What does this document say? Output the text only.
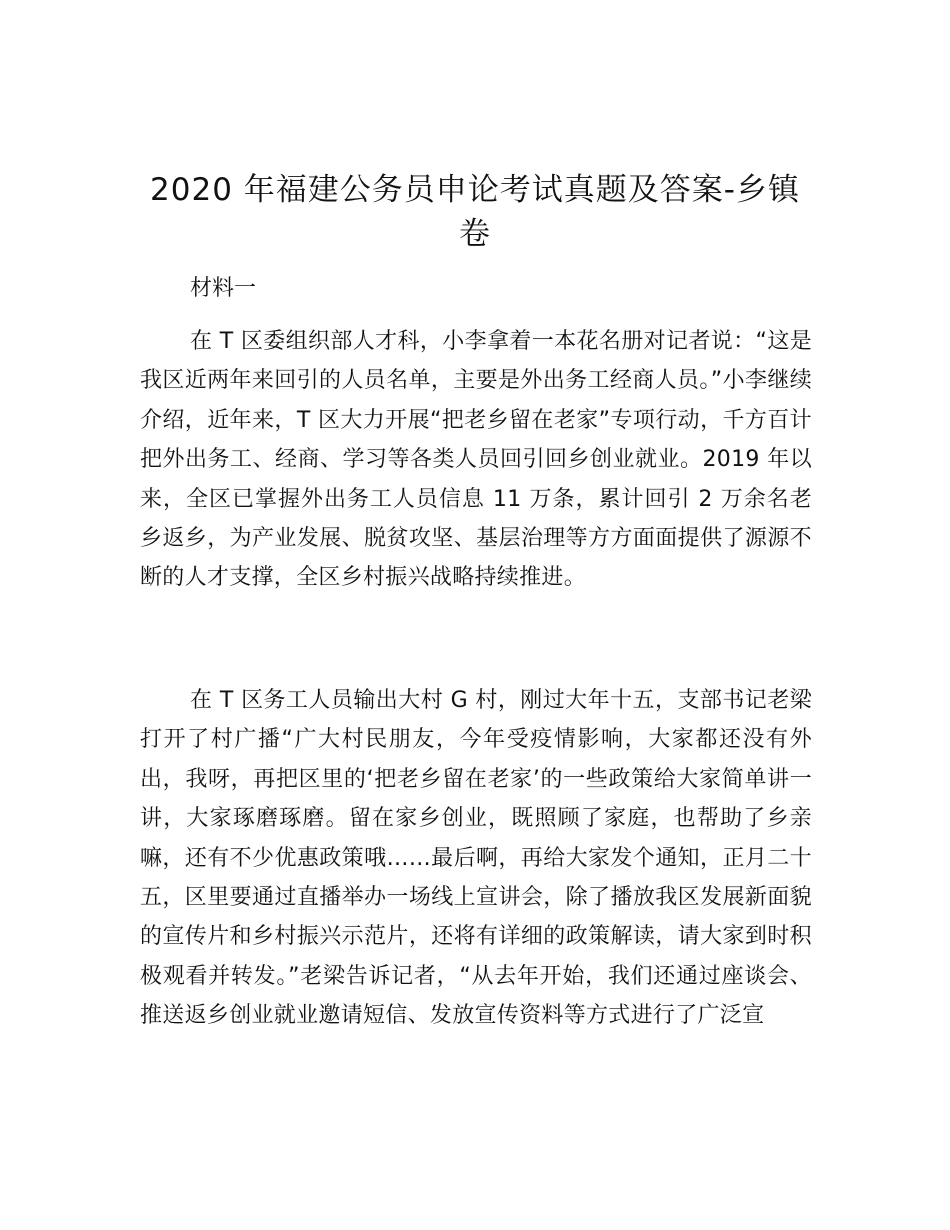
2020 年福建公务员申论考试真题及答案-乡镇卷

材料一

在 T 区委组织部人才科，小李拿着一本花名册对记者说：“这是我区近两年来回引的人员名单，主要是外出务工经商人员。”小李继续介绍，近年来，T 区大力开展“把老乡留在老家”专项行动，千方百计把外出务工、经商、学习等各类人员回引回乡创业就业。2019 年以来，全区已掌握外出务工人员信息 11 万条，累计回引 2 万余名老乡返乡，为产业发展、脱贫攻坚、基层治理等方方面面提供了源源不断的人才支撑，全区乡村振兴战略持续推进。

在 T 区务工人员输出大村 G 村，刚过大年十五，支部书记老梁打开了村广播“广大村民朋友，今年受疫情影响，大家都还没有外出，我呀，再把区里的‘把老乡留在老家’的一些政策给大家简单讲一讲，大家琢磨琢磨。留在家乡创业，既照顾了家庭，也帮助了乡亲嘛，还有不少优惠政策哦……最后啊，再给大家发个通知，正月二十五，区里要通过直播举办一场线上宣讲会，除了播放我区发展新面貌的宣传片和乡村振兴示范片，还将有详细的政策解读，请大家到时积极观看并转发。”老梁告诉记者，“从去年开始，我们还通过座谈会、推送返乡创业就业邀请短信、发放宣传资料等方式进行了广泛宣
